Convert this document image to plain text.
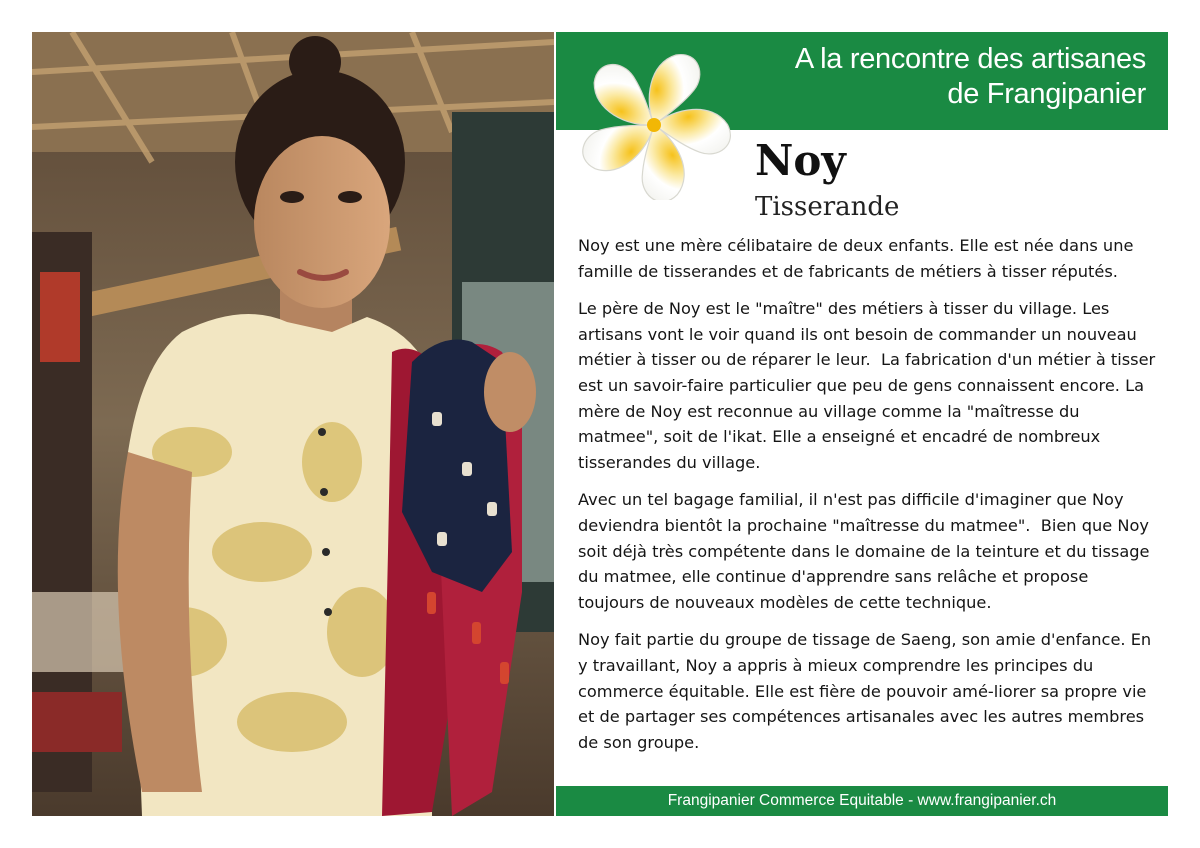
A la rencontre des artisanes
de Frangipanier
Noy
Tisserande

Noy est une mère célibataire de deux enfants. Elle est née dans une famille de tisserandes et de fabricants de métiers à tisser réputés.

Le père de Noy est le "maître" des métiers à tisser du village. Les artisans vont le voir quand ils ont besoin de commander un nouveau métier à tisser ou de réparer le leur.  La fabrication d'un métier à tisser est un savoir-faire particulier que peu de gens connaissent encore. La mère de Noy est reconnue au village comme la "maîtresse du matmee", soit de l'ikat. Elle a enseigné et encadré de nombreux tisserandes du village.

Avec un tel bagage familial, il n'est pas difficile d'imaginer que Noy deviendra bientôt la prochaine "maîtresse du matmee".  Bien que Noy soit déjà très compétente dans le domaine de la teinture et du tissage du matmee, elle continue d'apprendre sans relâche et propose toujours de nouveaux modèles de cette technique.

Noy fait partie du groupe de tissage de Saeng, son amie d'enfance. En y travaillant, Noy a appris à mieux comprendre les principes du commerce équitable. Elle est fière de pouvoir amé-liorer sa propre vie et de partager ses compétences artisanales avec les autres membres de son groupe.

Frangipanier Commerce Equitable - www.frangipanier.ch
